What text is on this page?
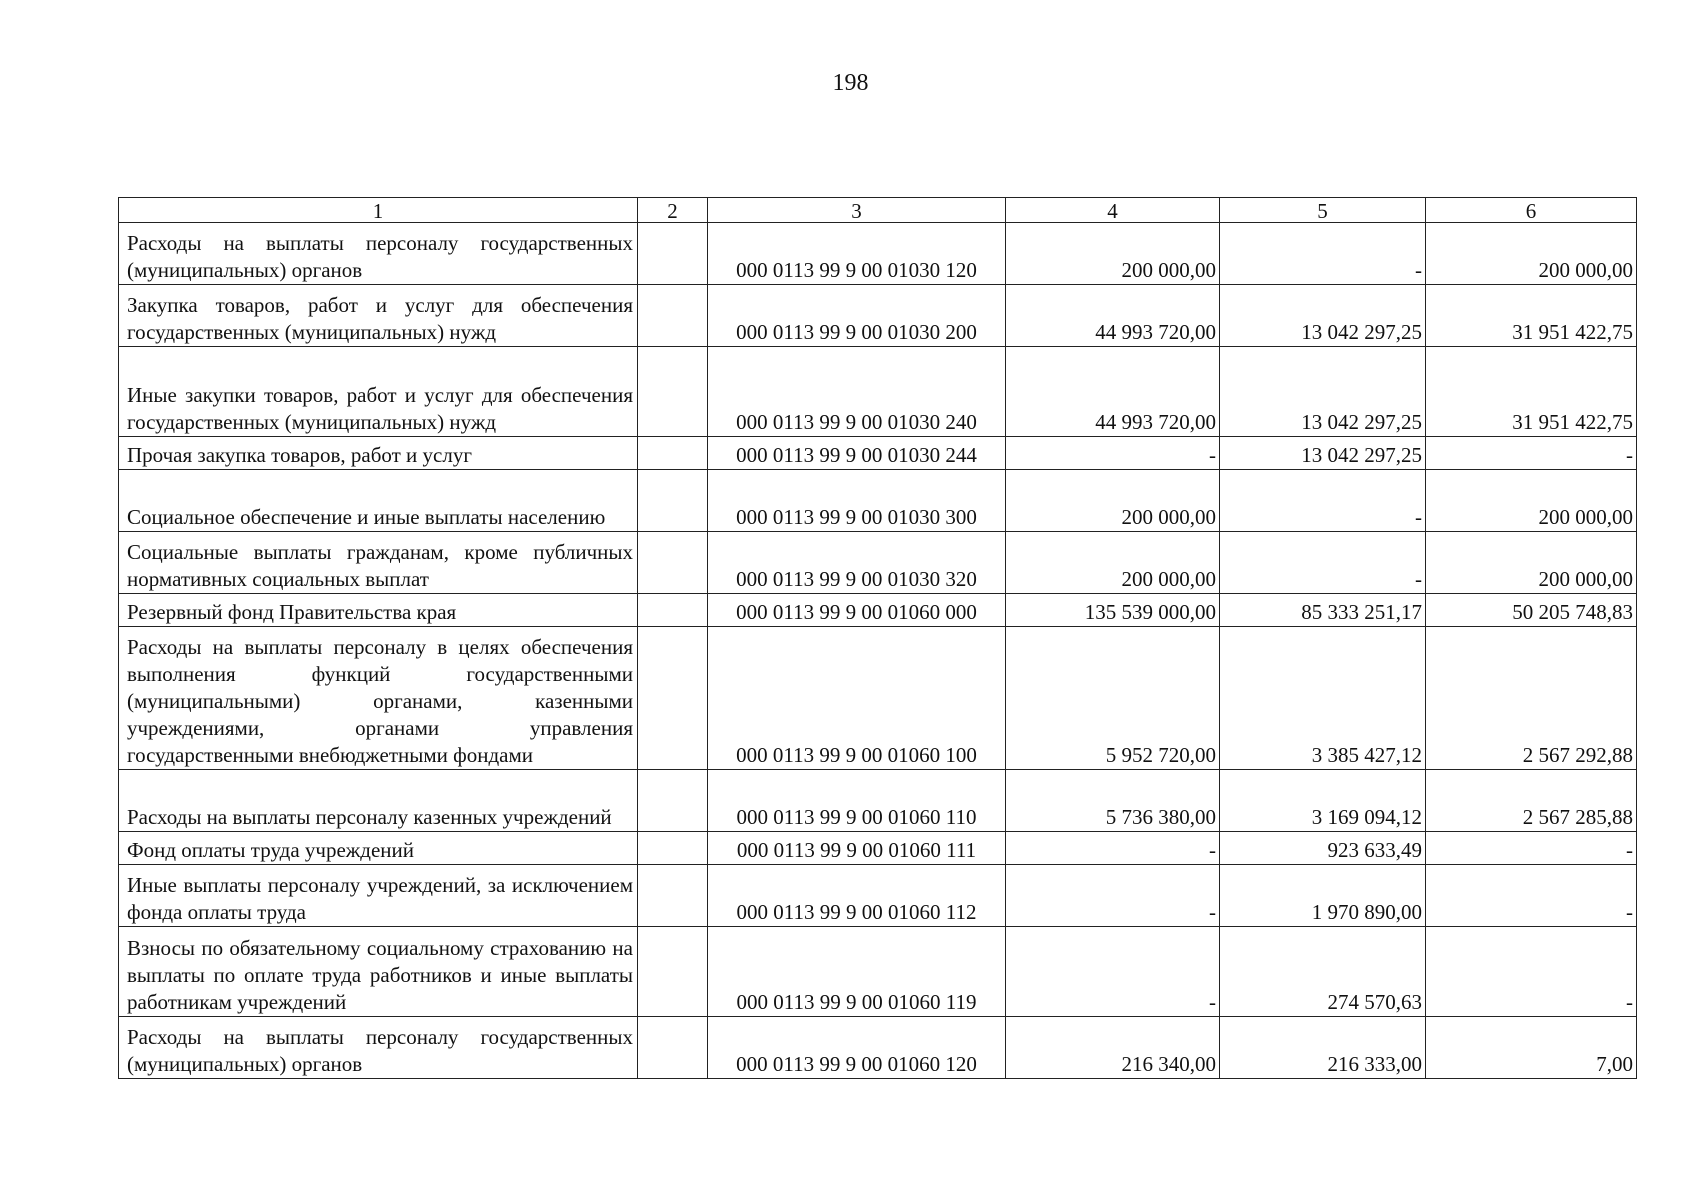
198
1	2	3	4	5	6
Расходы на выплаты персоналу государственных (муниципальных) органов		000 0113 99 9 00 01030 120	200 000,00	-	200 000,00
Закупка товаров, работ и услуг для обеспечения государственных (муниципальных) нужд		000 0113 99 9 00 01030 200	44 993 720,00	13 042 297,25	31 951 422,75
Иные закупки товаров, работ и услуг для обеспечения государственных (муниципальных) нужд		000 0113 99 9 00 01030 240	44 993 720,00	13 042 297,25	31 951 422,75
Прочая закупка товаров, работ и услуг		000 0113 99 9 00 01030 244	-	13 042 297,25	-
Социальное обеспечение и иные выплаты населению		000 0113 99 9 00 01030 300	200 000,00	-	200 000,00
Социальные выплаты гражданам, кроме публичных нормативных социальных выплат		000 0113 99 9 00 01030 320	200 000,00	-	200 000,00
Резервный фонд Правительства края		000 0113 99 9 00 01060 000	135 539 000,00	85 333 251,17	50 205 748,83
Расходы на выплаты персоналу в целях обеспечения выполнения функций государственными (муниципальными) органами, казенными учреждениями, органами управления государственными внебюджетными фондами		000 0113 99 9 00 01060 100	5 952 720,00	3 385 427,12	2 567 292,88
Расходы на выплаты персоналу казенных учреждений		000 0113 99 9 00 01060 110	5 736 380,00	3 169 094,12	2 567 285,88
Фонд оплаты труда учреждений		000 0113 99 9 00 01060 111	-	923 633,49	-
Иные выплаты персоналу учреждений, за исключением фонда оплаты труда		000 0113 99 9 00 01060 112	-	1 970 890,00	-
Взносы по обязательному социальному страхованию на выплаты по оплате труда работников и иные выплаты работникам учреждений		000 0113 99 9 00 01060 119	-	274 570,63	-
Расходы на выплаты персоналу государственных (муниципальных) органов		000 0113 99 9 00 01060 120	216 340,00	216 333,00	7,00
